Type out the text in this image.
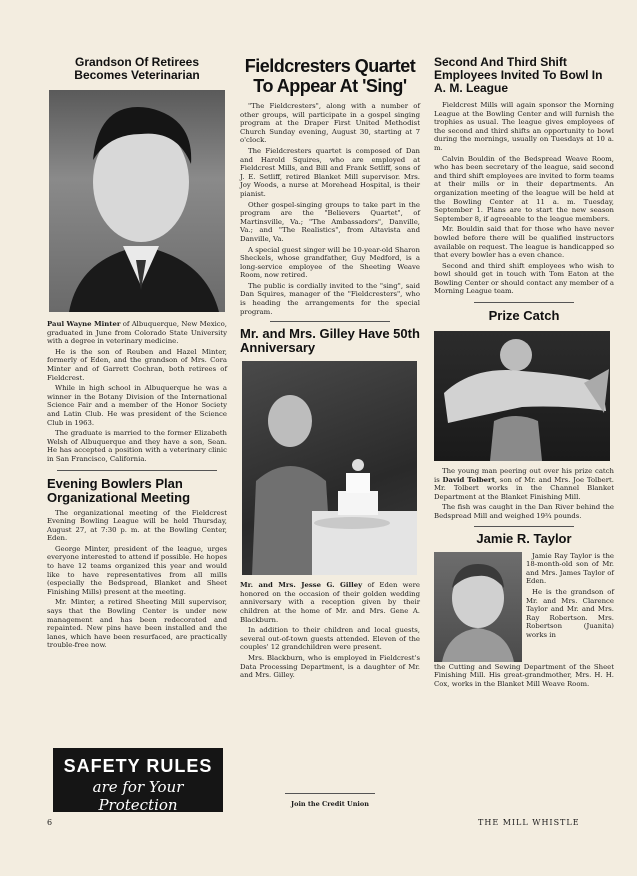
Grandson Of Retirees Becomes Veterinarian

Paul Wayne Minter of Albuquerque, New Mexico, graduated in June from Colorado State University with a degree in veterinary medicine.

He is the son of Reuben and Hazel Minter, formerly of Eden, and the grandson of Mrs. Cora Minter and of Garrett Cochran, both retirees of Fieldcrest.

While in high school in Albuquerque he was a winner in the Botany Division of the International Science Fair and a member of the Honor Society and Latin Club. He was president of the Science Club in 1963.

The graduate is married to the former Elizabeth Welsh of Albuquerque and they have a son, Sean. He has accepted a position with a veterinary clinic in San Francisco, California.

Evening Bowlers Plan Organizational Meeting

The organizational meeting of the Fieldcrest Evening Bowling League will be held Thursday, August 27, at 7:30 p. m. at the Bowling Center, Eden.

George Minter, president of the league, urges everyone interested to attend if possible. He hopes to have 12 teams organized this year and would like to have representatives from all mills (especially the Bedspread, Blanket and Sheet Finishing Mills) present at the meeting.

Mr. Minter, a retired Sheeting Mill supervisor, says that the Bowling Center is under new management and has been redecorated and repainted. New pins have been installed and the lanes, which have been resurfaced, are practically trouble-free now.

SAFETY RULES
are for Your Protection
Fieldcresters Quartet To Appear At 'Sing'

"The Fieldcresters", along with a number of other groups, will participate in a gospel singing program at the Draper First United Methodist Church Sunday evening, August 30, starting at 7 o'clock.

The Fieldcresters quartet is composed of Dan and Harold Squires, who are employed at Fieldcrest Mills, and Bill and Frank Setliff, sons of J. E. Setliff, retired Blanket Mill supervisor. Mrs. Joy Woods, a nurse at Morehead Hospital, is their pianist.

Other gospel-singing groups to take part in the program are the "Believers Quartet", of Martinsville, Va.; "The Ambassadors", Danville, Va.; and "The Realistics", from Altavista and Danville, Va.

A special guest singer will be 10-year-old Sharon Sheckels, whose grandfather, Guy Medford, is a long-service employee of the Sheeting Weave Room, now retired.

The public is cordially invited to the "sing", said Dan Squires, manager of the "Fieldcresters", who is heading the arrangements for the special program.

Mr. and Mrs. Gilley Have 50th Anniversary

Mr. and Mrs. Jesse G. Gilley of Eden were honored on the occasion of their golden wedding anniversary with a reception given by their children at the home of Mr. and Mrs. Gene A. Blackburn.

In addition to their children and local guests, several out-of-town guests attended. Eleven of the couples' 12 grandchildren were present.

Mrs. Blackburn, who is employed in Fieldcrest's Data Processing Department, is a daughter of Mr. and Mrs. Gilley.

Join the Credit Union
Second And Third Shift Employees Invited To Bowl In A. M. League

Fieldcrest Mills will again sponsor the Morning League at the Bowling Center and will furnish the trophies as usual. The league gives employees of the second and third shifts an opportunity to bowl during the mornings, usually on Tuesdays at 10 a. m.

Calvin Bouldin of the Bedspread Weave Room, who has been secretary of the league, said second and third shift employees are invited to form teams at their mills or in their departments. An organization meeting of the league will be held at the Bowling Center at 11 a. m. Tuesday, September 1. Plans are to start the new season September 8, if agreeable to the league members.

Mr. Bouldin said that for those who have never bowled before there will be qualified instructors available on request. The league is handicapped so that every bowler has a even chance.

Second and third shift employees who wish to bowl should get in touch with Tom Eaton at the Bowling Center or should contact any member of a Morning League team.

Prize Catch

The young man peering out over his prize catch is David Tolbert, son of Mr. and Mrs. Joe Tolbert. Mr. Tolbert works in the Channel Blanket Department at the Blanket Finishing Mill.

The fish was caught in the Dan River behind the Bedspread Mill and weighed 19¾ pounds.

Jamie R. Taylor

Jamie Ray Taylor is the 18-month-old son of Mr. and Mrs. James Taylor of Eden.

He is the grandson of Mr. and Mrs. Clarence Taylor and Mr. and Mrs. Ray Robertson. Mrs. Robertson (Juanita) works in

the Cutting and Sewing Department of the Sheet Finishing Mill. His great-grandmother, Mrs. H. H. Cox, works in the Blanket Mill Weave Room.

6	THE MILL WHISTLE
